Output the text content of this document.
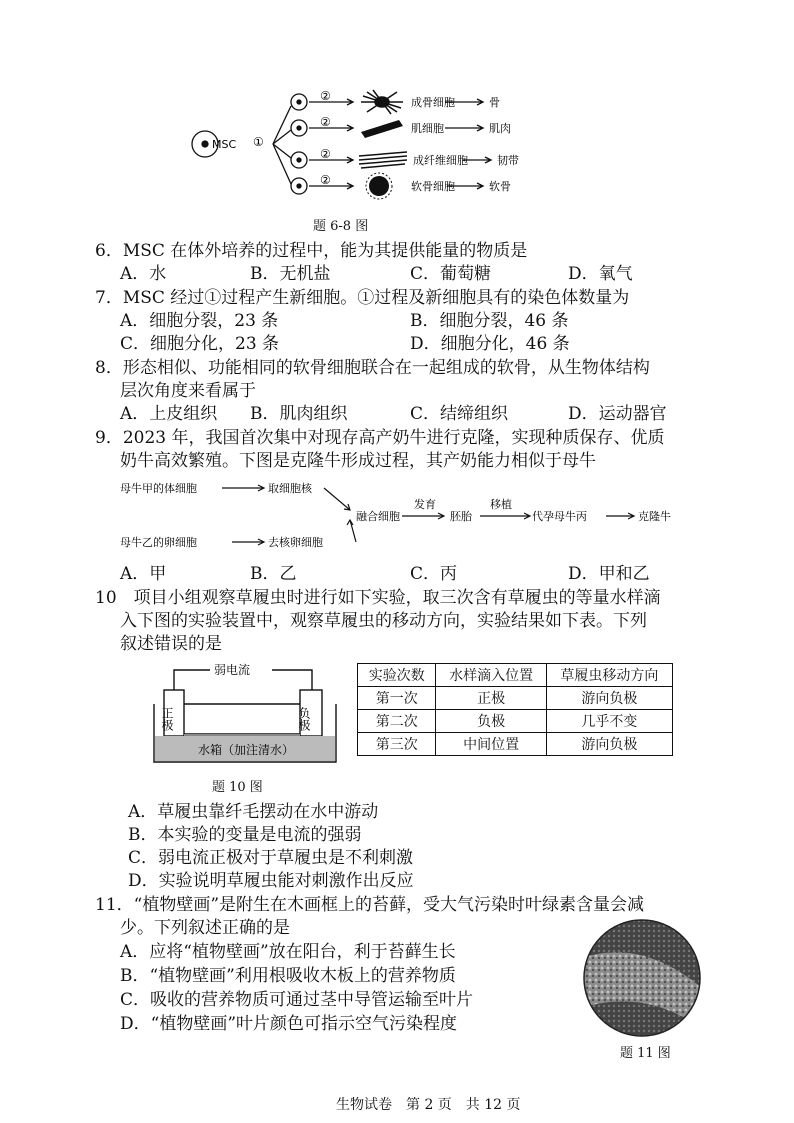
MSC ①
②
②
②
②
成骨细胞
肌细胞
成纤维细胞
软骨细胞
骨
肌肉
韧带
软骨
题 6-8 图
6．MSC 在体外培养的过程中，能为其提供能量的物质是
A．水	B．无机盐	C．葡萄糖	D．氧气
7．MSC 经过①过程产生新细胞。①过程及新细胞具有的染色体数量为
A．细胞分裂，23 条	B．细胞分裂，46 条
C．细胞分化，23 条	D．细胞分化，46 条
8．形态相似、功能相同的软骨细胞联合在一起组成的软骨，从生物体结构
层次角度来看属于
A．上皮组织 B．肌肉组织	C．结缔组织	D．运动器官
9．2023 年，我国首次集中对现存高产奶牛进行克隆，实现种质保存、优质
奶牛高效繁殖。下图是克隆牛形成过程，其产奶能力相似于母牛
母牛甲的体细胞	取细胞核
母牛乙的卵细胞	去核卵细胞
融合细胞
发育
胚胎
移植
代孕母牛丙	克隆牛
A．甲	B．乙	C．丙	D．甲和乙
10　项目小组观察草履虫时进行如下实验，取三次含有草履虫的等量水样滴
入下图的实验装置中，观察草履虫的移动方向，实验结果如下表。下列
叙述错误的是
弱电流
正极	负极
水箱（加注清水）
题 10 图
实验次数	水样滴入位置	草履虫移动方向
第一次	正极	游向负极
第二次	负极	几乎不变
第三次	中间位置	游向负极
A．草履虫靠纤毛摆动在水中游动
B．本实验的变量是电流的强弱
C．弱电流正极对于草履虫是不利刺激
D．实验说明草履虫能对刺激作出反应
11．“植物壁画”是附生在木画框上的苔藓，受大气污染时叶绿素含量会减
少。下列叙述正确的是
A．应将“植物壁画”放在阳台，利于苔藓生长
B．“植物壁画”利用根吸收木板上的营养物质
C．吸收的营养物质可通过茎中导管运输至叶片
D．“植物壁画”叶片颜色可指示空气污染程度
题 11 图
生物试卷　第 2 页　共 12 页
